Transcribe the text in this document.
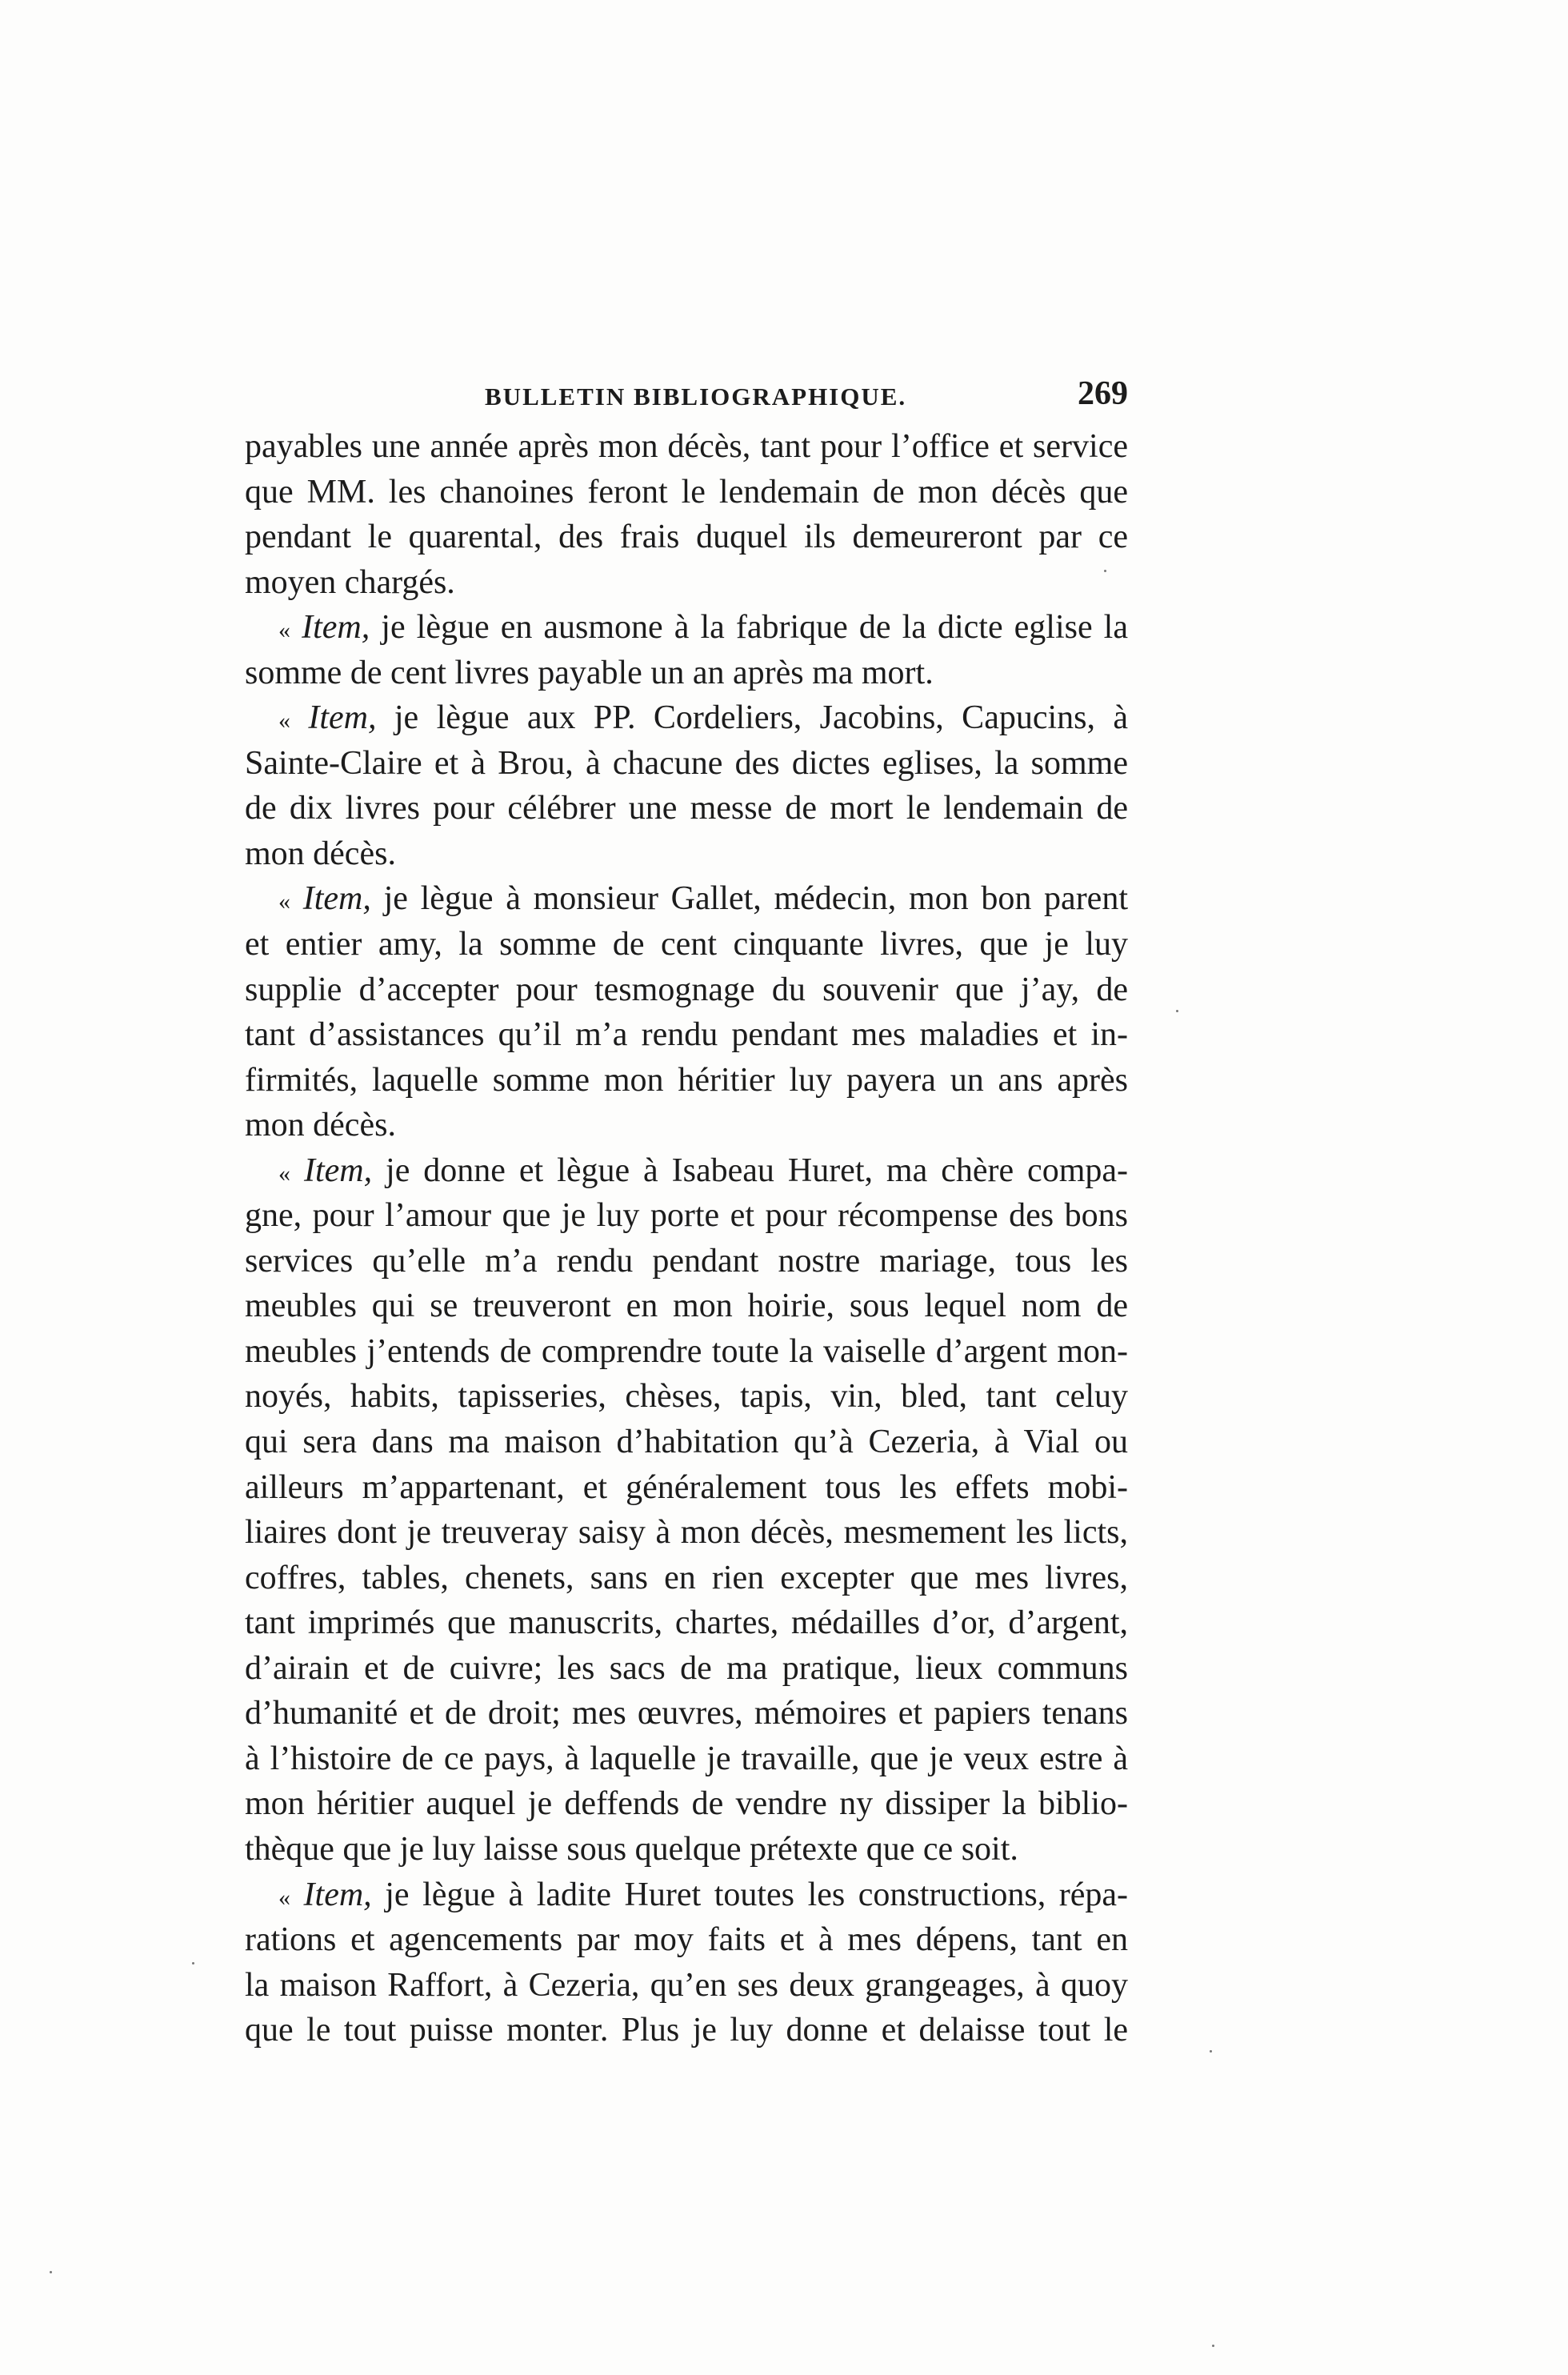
BULLETIN BIBLIOGRAPHIQUE.	269
payables une année après mon décès, tant pour l’office et service
que MM. les chanoines feront le lendemain de mon décès que
pendant le quarental, des frais duquel ils demeureront par ce
moyen chargés.
« Item, je lègue en ausmone à la fabrique de la dicte eglise la
somme de cent livres payable un an après ma mort.
« Item, je lègue aux PP. Cordeliers, Jacobins, Capucins, à
Sainte-Claire et à Brou, à chacune des dictes eglises, la somme
de dix livres pour célébrer une messe de mort le lendemain de
mon décès.
« Item, je lègue à monsieur Gallet, médecin, mon bon parent
et entier amy, la somme de cent cinquante livres, que je luy
supplie d’accepter pour tesmognage du souvenir que j’ay, de
tant d’assistances qu’il m’a rendu pendant mes maladies et in-
firmités, laquelle somme mon héritier luy payera un ans après
mon décès.
« Item, je donne et lègue à Isabeau Huret, ma chère compa-
gne, pour l’amour que je luy porte et pour récompense des bons
services qu’elle m’a rendu pendant nostre mariage, tous les
meubles qui se treuveront en mon hoirie, sous lequel nom de
meubles j’entends de comprendre toute la vaiselle d’argent mon-
noyés, habits, tapisseries, chèses, tapis, vin, bled, tant celuy
qui sera dans ma maison d’habitation qu’à Cezeria, à Vial ou
ailleurs m’appartenant, et généralement tous les effets mobi-
liaires dont je treuveray saisy à mon décès, mesmement les licts,
coffres, tables, chenets, sans en rien excepter que mes livres,
tant imprimés que manuscrits, chartes, médailles d’or, d’argent,
d’airain et de cuivre; les sacs de ma pratique, lieux communs
d’humanité et de droit; mes œuvres, mémoires et papiers tenans
à l’histoire de ce pays, à laquelle je travaille, que je veux estre à
mon héritier auquel je deffends de vendre ny dissiper la biblio-
thèque que je luy laisse sous quelque prétexte que ce soit.
« Item, je lègue à ladite Huret toutes les constructions, répa-
rations et agencements par moy faits et à mes dépens, tant en
la maison Raffort, à Cezeria, qu’en ses deux grangeages, à quoy
que le tout puisse monter. Plus je luy donne et delaisse tout le
